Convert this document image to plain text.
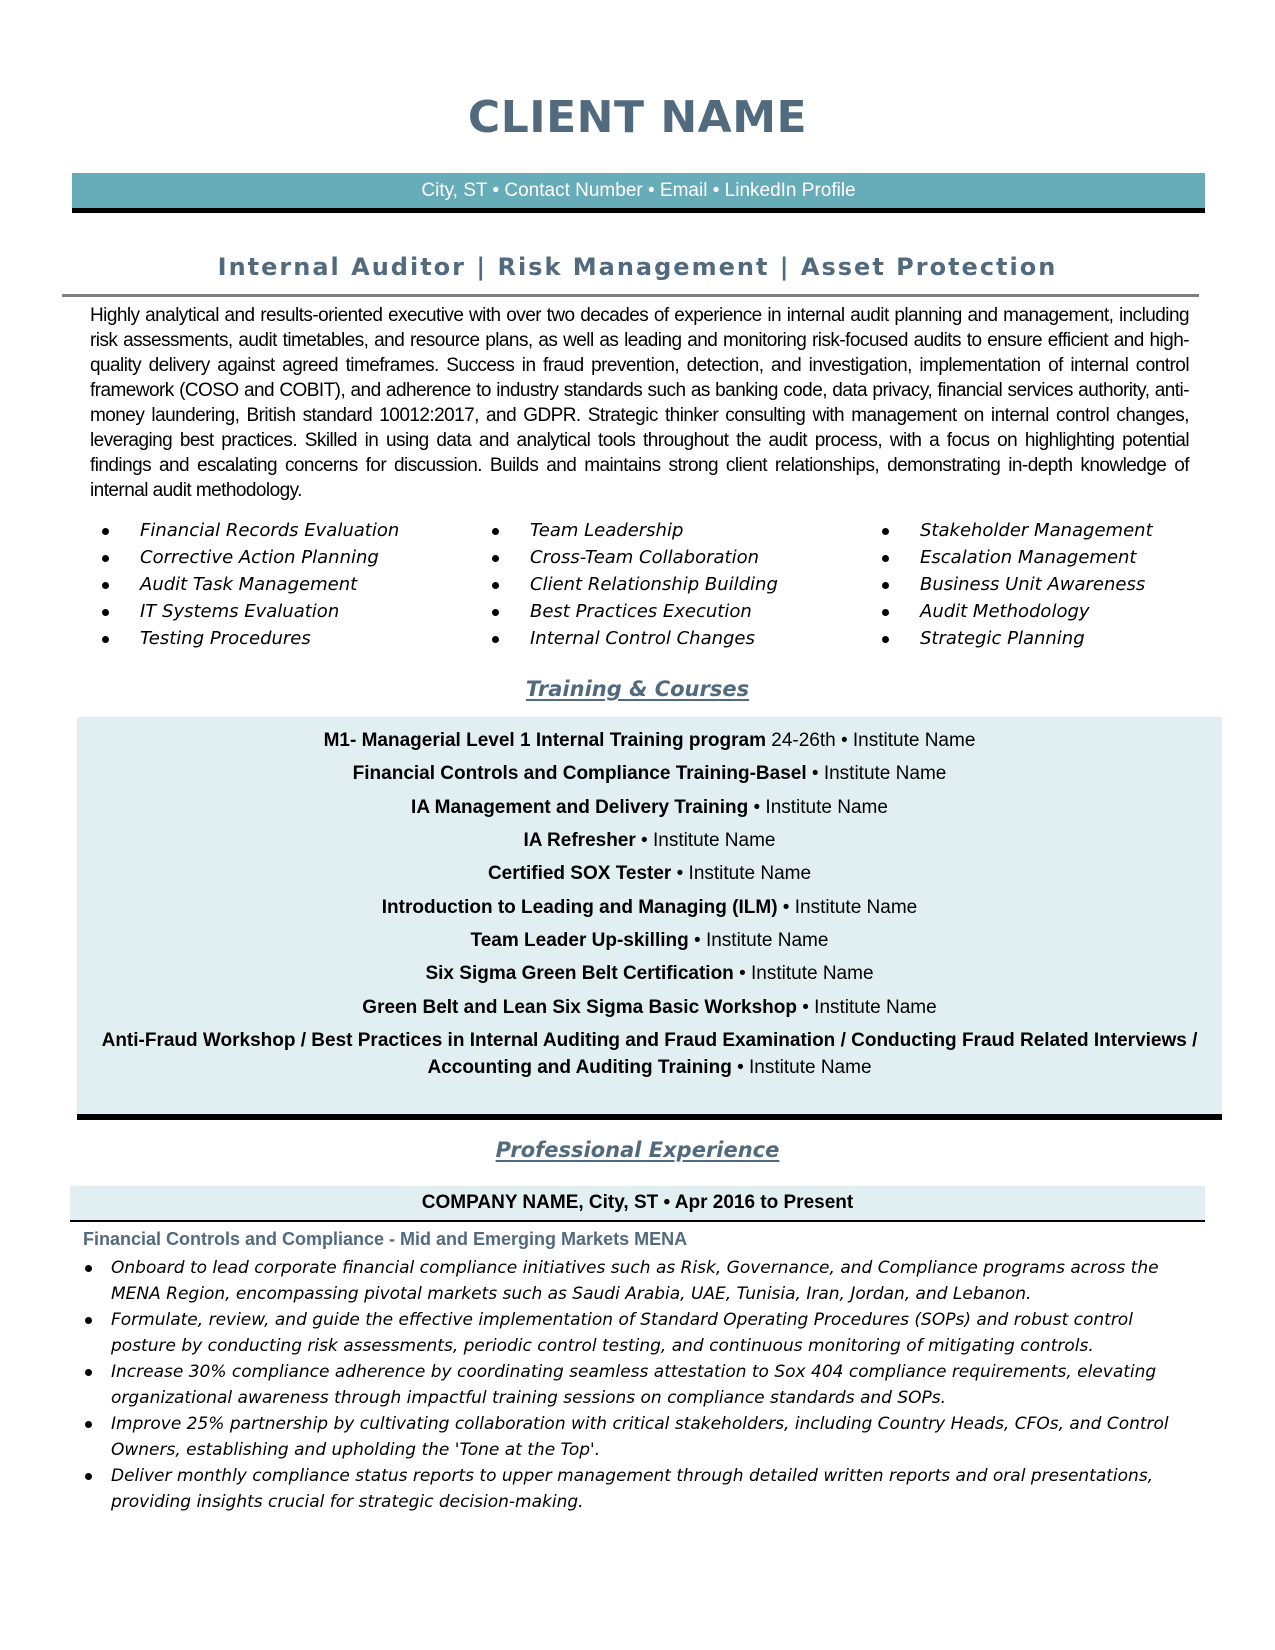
CLIENT NAME
City, ST • Contact Number • Email • LinkedIn Profile
Internal Auditor | Risk Management | Asset Protection

Highly analytical and results-oriented executive with over two decades of experience in internal audit planning and management, including risk assessments, audit timetables, and resource plans, as well as leading and monitoring risk-focused audits to ensure efficient and high-quality delivery against agreed timeframes. Success in fraud prevention, detection, and investigation, implementation of internal control framework (COSO and COBIT), and adherence to industry standards such as banking code, data privacy, financial services authority, anti-money laundering, British standard 10012:2017, and GDPR. Strategic thinker consulting with management on internal control changes, leveraging best practices. Skilled in using data and analytical tools throughout the audit process, with a focus on highlighting potential findings and escalating concerns for discussion. Builds and maintains strong client relationships, demonstrating in-depth knowledge of internal audit methodology.

Financial Records Evaluation
Corrective Action Planning
Audit Task Management
IT Systems Evaluation
Testing Procedures
Team Leadership
Cross-Team Collaboration
Client Relationship Building
Best Practices Execution
Internal Control Changes
Stakeholder Management
Escalation Management
Business Unit Awareness
Audit Methodology
Strategic Planning
Training & Courses
M1- Managerial Level 1 Internal Training program 24-26th • Institute Name
Financial Controls and Compliance Training-Basel • Institute Name
IA Management and Delivery Training • Institute Name
IA Refresher • Institute Name
Certified SOX Tester • Institute Name
Introduction to Leading and Managing (ILM) • Institute Name
Team Leader Up-skilling • Institute Name
Six Sigma Green Belt Certification • Institute Name
Green Belt and Lean Six Sigma Basic Workshop • Institute Name
Anti-Fraud Workshop / Best Practices in Internal Auditing and Fraud Examination / Conducting Fraud Related Interviews /
Accounting and Auditing Training • Institute Name
Professional Experience
COMPANY NAME, City, ST • Apr 2016 to Present
Financial Controls and Compliance - Mid and Emerging Markets MENA
Onboard to lead corporate financial compliance initiatives such as Risk, Governance, and Compliance programs across the MENA Region, encompassing pivotal markets such as Saudi Arabia, UAE, Tunisia, Iran, Jordan, and Lebanon.
Formulate, review, and guide the effective implementation of Standard Operating Procedures (SOPs) and robust control posture by conducting risk assessments, periodic control testing, and continuous monitoring of mitigating controls.
Increase 30% compliance adherence by coordinating seamless attestation to Sox 404 compliance requirements, elevating organizational awareness through impactful training sessions on compliance standards and SOPs.
Improve 25% partnership by cultivating collaboration with critical stakeholders, including Country Heads, CFOs, and Control Owners, establishing and upholding the 'Tone at the Top'.
Deliver monthly compliance status reports to upper management through detailed written reports and oral presentations, providing insights crucial for strategic decision-making.
